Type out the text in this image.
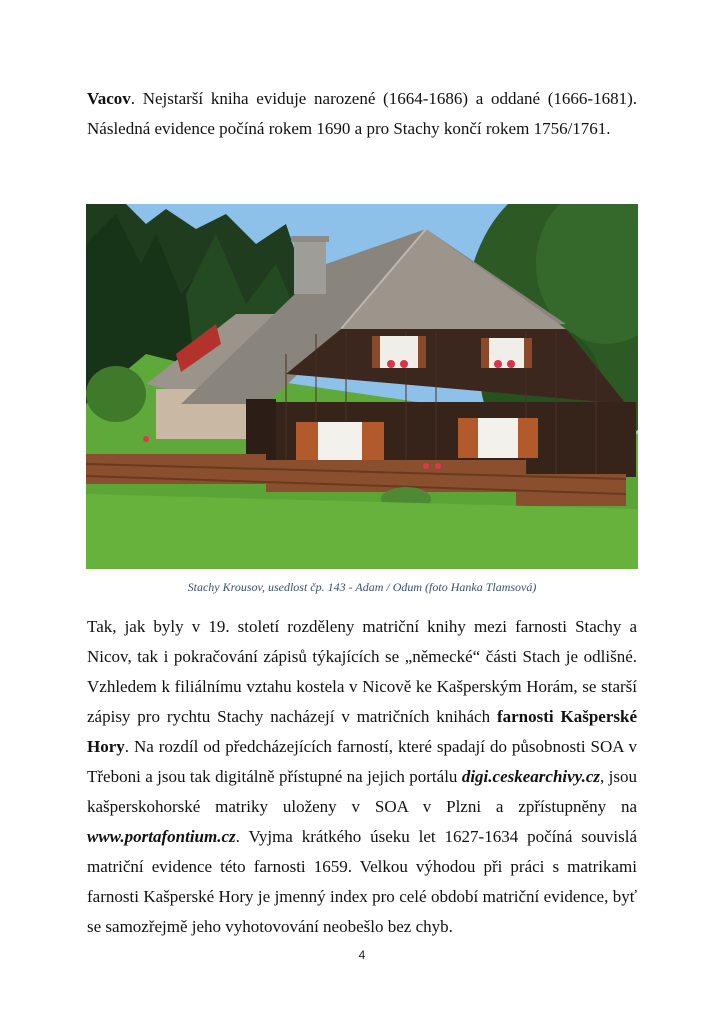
Vacov. Nejstarší kniha eviduje narozené (1664-1686) a oddané (1666-1681).
Následná evidence počíná rokem 1690 a pro Stachy končí rokem 1756/1761.
Stachy Krousov, usedlost čp. 143 - Adam / Odum (foto Hanka Tlamsová)
Tak, jak byly v 19. století rozděleny matriční knihy mezi farnosti Stachy a
Nicov, tak i pokračování zápisů týkajících se „německé“ části Stach je odlišné.
Vzhledem k filiálnímu vztahu kostela v Nicově ke Kašperským Horám, se starší
zápisy pro rychtu Stachy nacházejí v matričních knihách farnosti Kašperské
Hory. Na rozdíl od předcházejících farností, které spadají do působnosti SOA v
Třeboni a jsou tak digitálně přístupné na jejich portálu digi.ceskearchivy.cz, jsou
kašperskohorské matriky uloženy v SOA v Plzni a zpřístupněny na
www.portafontium.cz. Vyjma krátkého úseku let 1627-1634 počíná souvislá
matriční evidence této farnosti 1659. Velkou výhodou při práci s matrikami
farnosti Kašperské Hory je jmenný index pro celé období matriční evidence, byť
se samozřejmě jeho vyhotovování neobešlo bez chyb.
4
